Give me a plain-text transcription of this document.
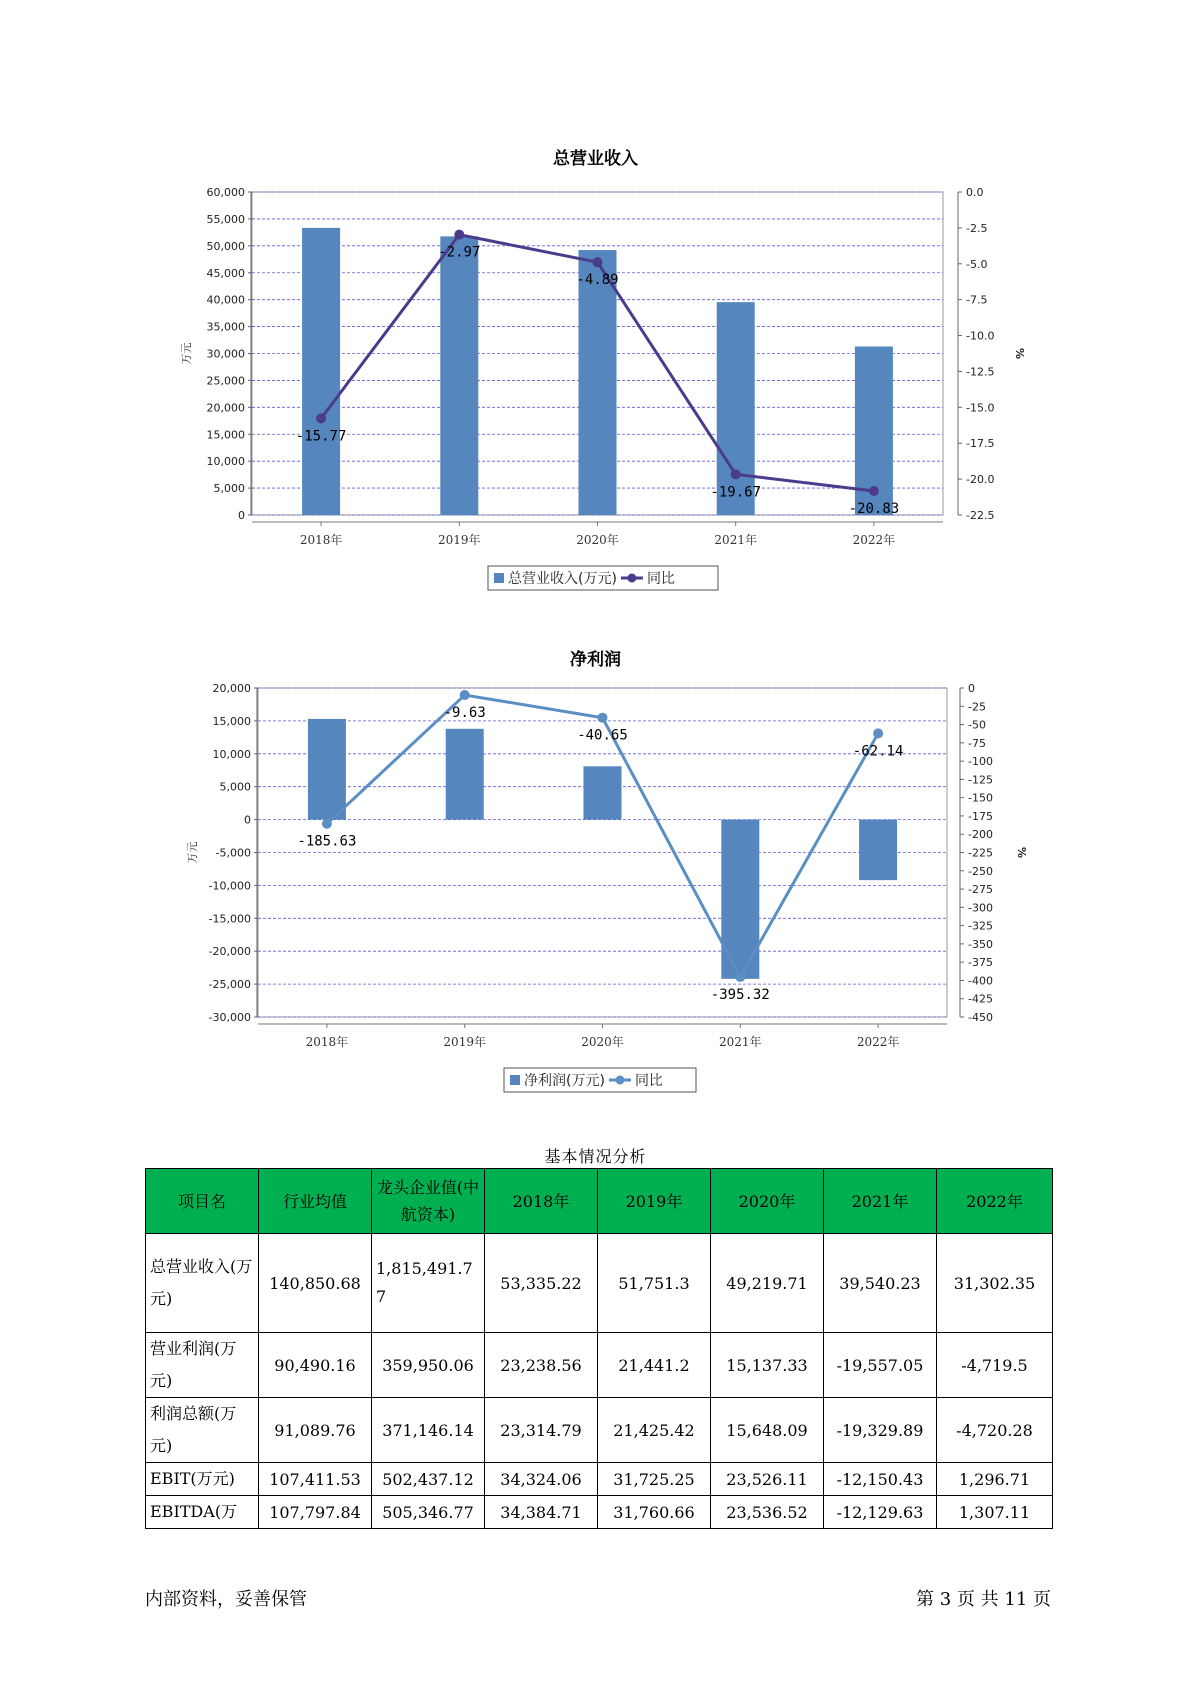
总营业收入
0
5,000
10,000
15,000
20,000
25,000
30,000
35,000
40,000
45,000
50,000
55,000
60,000	0.0
-2.5
-5.0
-7.5
-10.0
-12.5
-15.0
-17.5
-20.0
-22.5
万元	%
2018年	2019年	2020年	2021年	2022年
-15.77
-2.97
-4.89
-19.67
-20.83
总营业收入(万元) 同比
净利润
-30,000
-25,000
-20,000
-15,000
-10,000
-5,000
0
5,000
10,000
15,000
20,000	0
-25
-50
-75
-100
-125
-150
-175
-200
-225
-250
-275
-300
-325
-350
-375
-400
-425
-450
万元	%
2018年	2019年	2020年	2021年	2022年
-185.63
-9.63
-40.65
-395.32
-62.14
净利润(万元) 同比
基本情况分析
项目名	行业均值	龙头企业值(中航资本)	2018年	2019年	2020年	2021年	2022年
总营业收入(万元)	140,850.68	1,815,491.77	53,335.22	51,751.3	49,219.71	39,540.23	31,302.35
营业利润(万元)	90,490.16	359,950.06	23,238.56	21,441.2	15,137.33	-19,557.05	-4,719.5
利润总额(万元)	91,089.76	371,146.14	23,314.79	21,425.42	15,648.09	-19,329.89	-4,720.28
EBIT(万元)	107,411.53	502,437.12	34,324.06	31,725.25	23,526.11	-12,150.43	1,296.71
EBITDA(万	107,797.84	505,346.77	34,384.71	31,760.66	23,536.52	-12,129.63	1,307.11
内部资料，妥善保管	第 3 页 共 11 页
